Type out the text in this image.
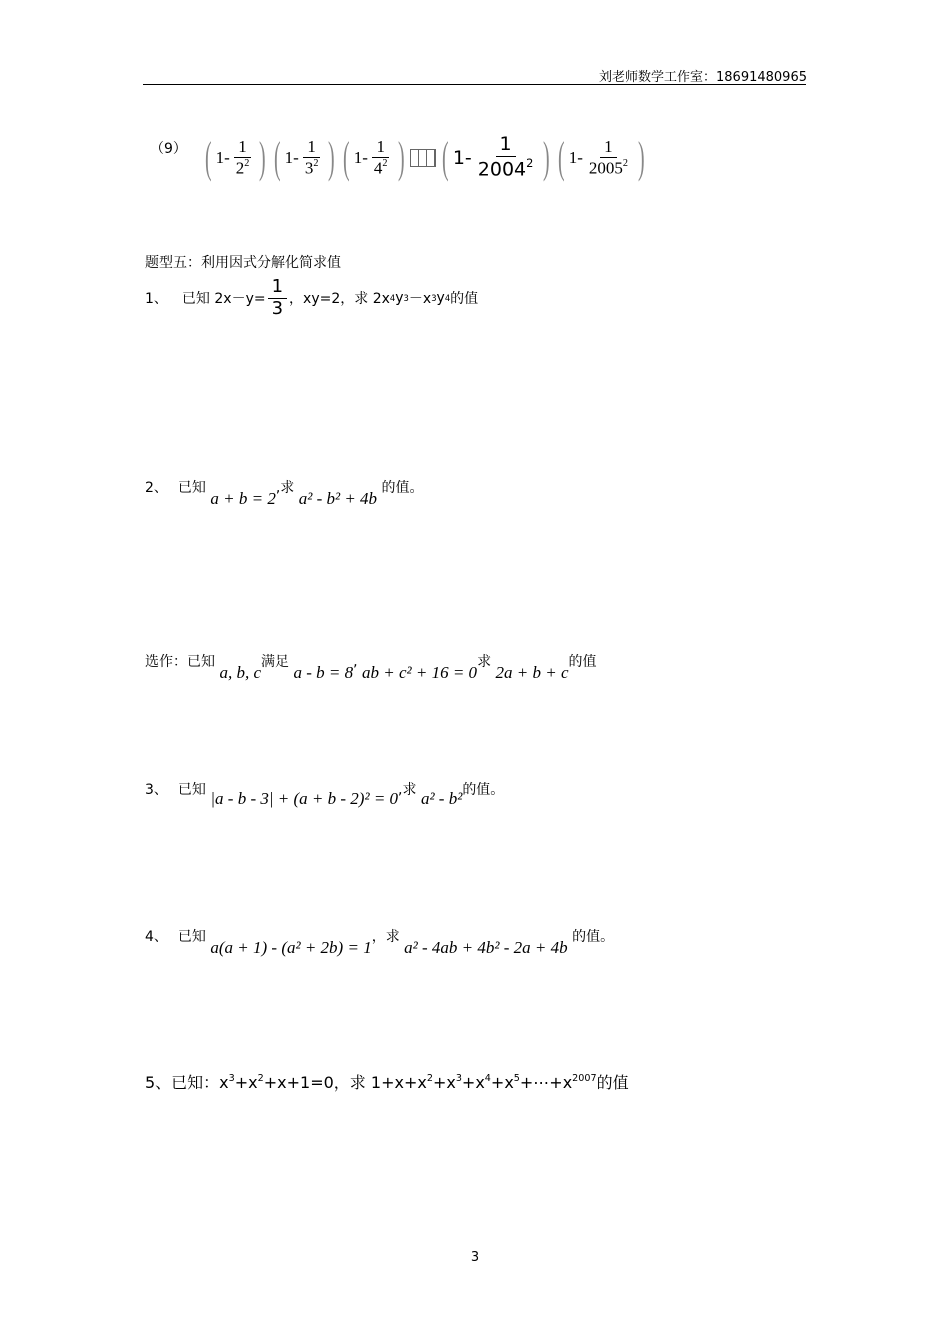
刘老师数学工作室：18691480965
（9） ( $1- \frac{1}{2^2}$ ) ( $1- \frac{1}{3^2}$ ) ( $1- \frac{1}{4^2}$ ) ( $1- \frac{1}{2004^2}$ ) ( $1- \frac{1}{2005^2}$ )
题型五：利用因式分解化简求值
1、 已知 $2x-y= \frac{1}{3}$ ，xy=2，求 2x 4 y 3 －x 3 y 4 的值
2、 已知 a + b = 2,求 a² - b² + 4b 的值。
选作：已知 a, b, c满足 a - b = 8, ab + c² + 16 = 0求 2a + b + c的值
3、 已知 |a - b - 3| + (a + b - 2)² = 0,求 a² - b²的值。
4、 已知 a(a + 1) - (a² + 2b) = 1，求 a² - 4ab + 4b² - 2a + 4b 的值。
5、已知：$x^3+x^2+x+1=0$，求 $1+x+x^2+x^3+x^4+x^5+\cdots+x^{2007}$的值
3
